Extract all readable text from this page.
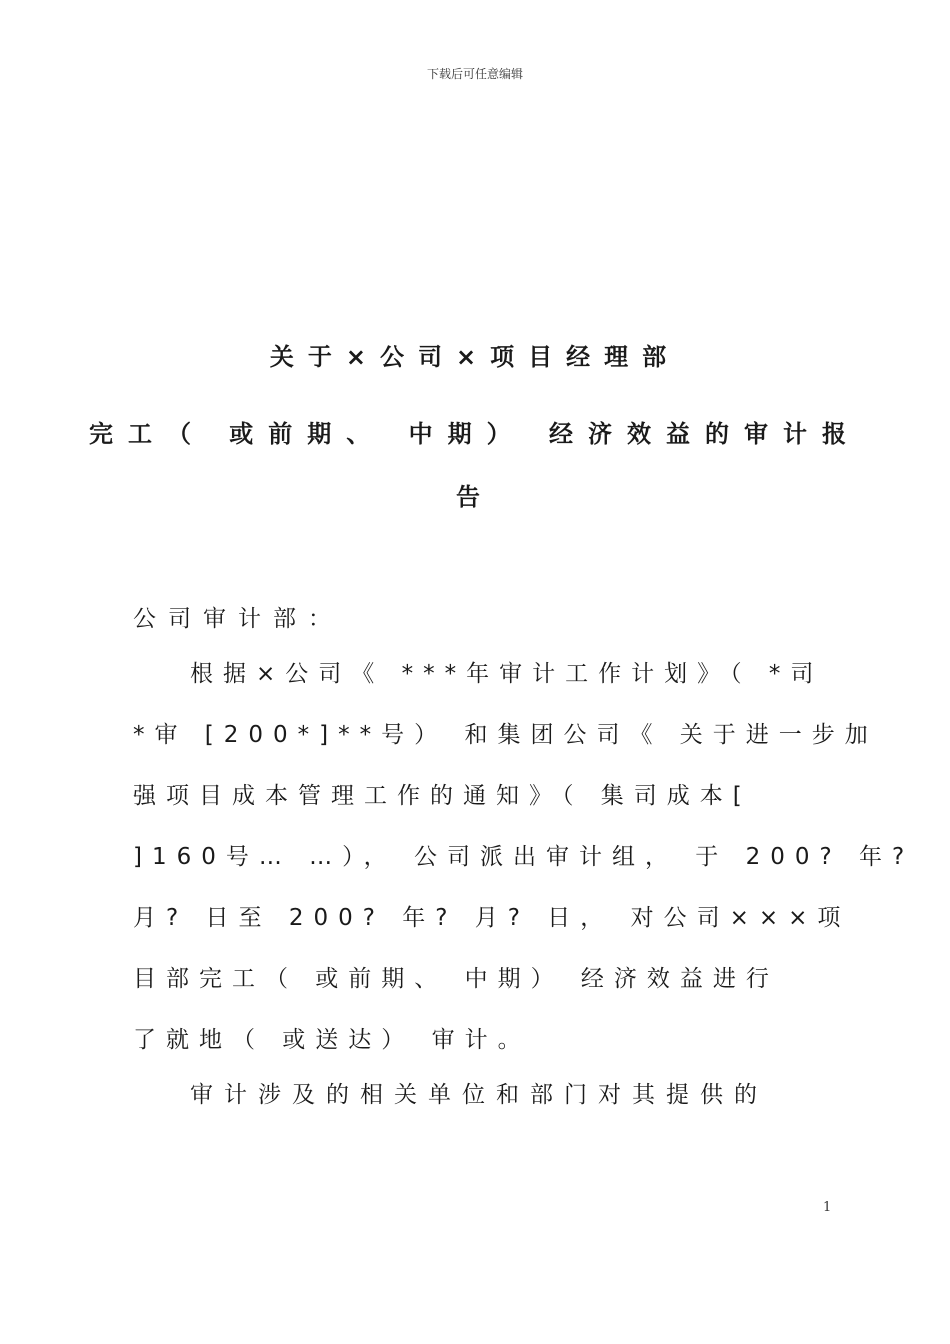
下载后可任意编辑
关于×公司×项目经理部
完工（ 或前期、 中期） 经济效益的审计报
告
公司审计部：
根据×公司《 ***年审计工作计划》（ *司
*审 [200*]**号） 和集团公司《 关于进一步加
强项目成本管理工作的通知》（ 集司成本[
]160号… …）， 公司派出审计组， 于 200? 年?
月? 日至 200? 年? 月? 日， 对公司×××项
目部完工（ 或前期、 中期） 经济效益进行
了就地（ 或送达） 审计。
审计涉及的相关单位和部门对其提供的
1
